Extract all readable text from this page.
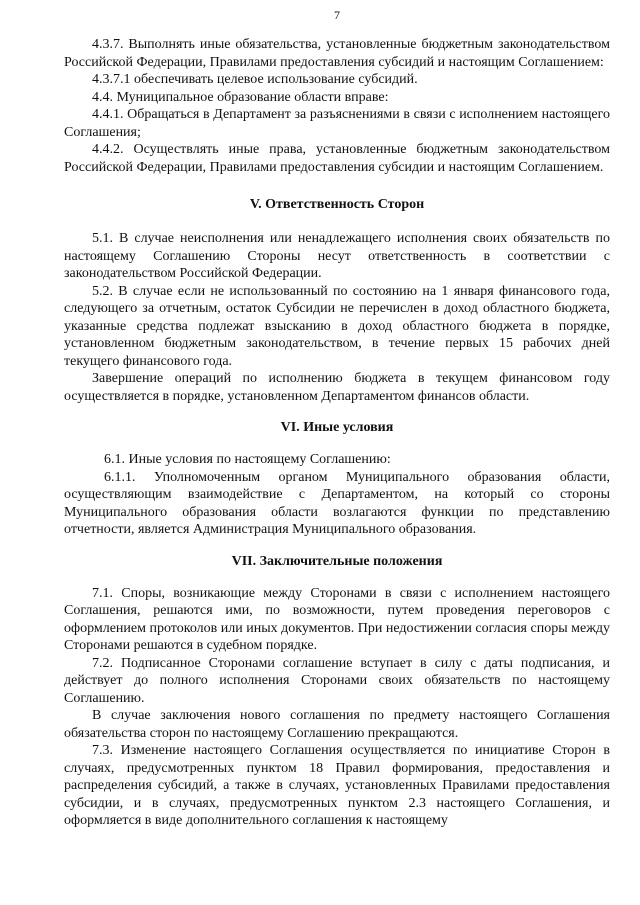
7

4.3.7. Выполнять иные обязательства, установленные бюджетным законодательством Российской Федерации, Правилами предоставления субсидий и настоящим Соглашением:

4.3.7.1 обеспечивать целевое использование субсидий.

4.4. Муниципальное образование области вправе:

4.4.1. Обращаться в Департамент за разъяснениями в связи с исполнением настоящего Соглашения;

4.4.2. Осуществлять иные права, установленные бюджетным законодательством Российской Федерации, Правилами предоставления субсидии и настоящим Соглашением.

V. Ответственность Сторон

5.1. В случае неисполнения или ненадлежащего исполнения своих обязательств по настоящему Соглашению Стороны несут ответственность в соответствии с законодательством Российской Федерации.

5.2. В случае если не использованный по состоянию на 1 января финансового года, следующего за отчетным, остаток Субсидии не перечислен в доход областного бюджета, указанные средства подлежат взысканию в доход областного бюджета в порядке, установленном бюджетным законодательством, в течение первых 15 рабочих дней текущего финансового года.

Завершение операций по исполнению бюджета в текущем финансовом году осуществляется в порядке, установленном Департаментом финансов области.

VI. Иные условия

6.1. Иные условия по настоящему Соглашению:

6.1.1. Уполномоченным органом Муниципального образования области, осуществляющим взаимодействие с Департаментом, на который со стороны Муниципального образования области возлагаются функции по представлению отчетности, является Администрация Муниципального образования.

VII. Заключительные положения

7.1. Споры, возникающие между Сторонами в связи с исполнением настоящего Соглашения, решаются ими, по возможности, путем проведения переговоров с оформлением протоколов или иных документов. При недостижении согласия споры между Сторонами решаются в судебном порядке.

7.2. Подписанное Сторонами соглашение вступает в силу с даты подписания, и действует до полного исполнения Сторонами своих обязательств по настоящему Соглашению.

В случае заключения нового соглашения по предмету настоящего Соглашения обязательства сторон по настоящему Соглашению прекращаются.

7.3. Изменение настоящего Соглашения осуществляется по инициативе Сторон в случаях, предусмотренных пунктом 18 Правил формирования, предоставления и распределения субсидий, а также в случаях, установленных Правилами предоставления субсидии, и в случаях, предусмотренных пунктом 2.3 настоящего Соглашения, и оформляется в виде дополнительного соглашения к настоящему
